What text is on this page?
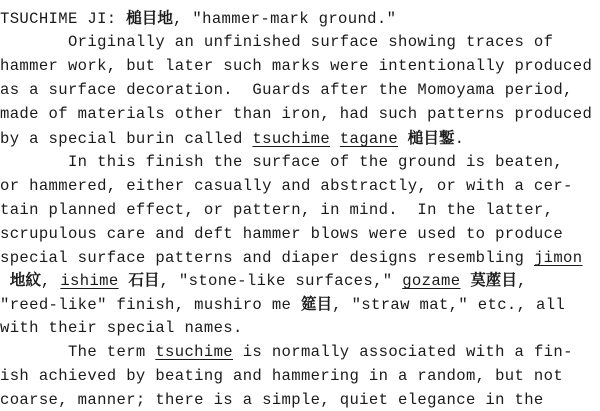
TSUCHIME JI: 槌目地, "hammer-mark ground."
Originally an unfinished surface showing traces of
hammer work, but later such marks were intentionally produced
as a surface decoration.  Guards after the Momoyama period,
made of materials other than iron, had such patterns produced
by a special burin called tsuchime tagane 槌目鏨.
In this finish the surface of the ground is beaten,
or hammered, either casually and abstractly, or with a cer-
tain planned effect, or pattern, in mind.  In the latter,
scrupulous care and deft hammer blows were used to produce
special surface patterns and diaper designs resembling jimon
地紋, ishime 石目, "stone-like surfaces," gozame 茣蓙目,
"reed-like" finish, mushiro me 筵目, "straw mat," etc., all
with their special names.
The term tsuchime is normally associated with a fin-
ish achieved by beating and hammering in a random, but not
coarse, manner; there is a simple, quiet elegance in the
